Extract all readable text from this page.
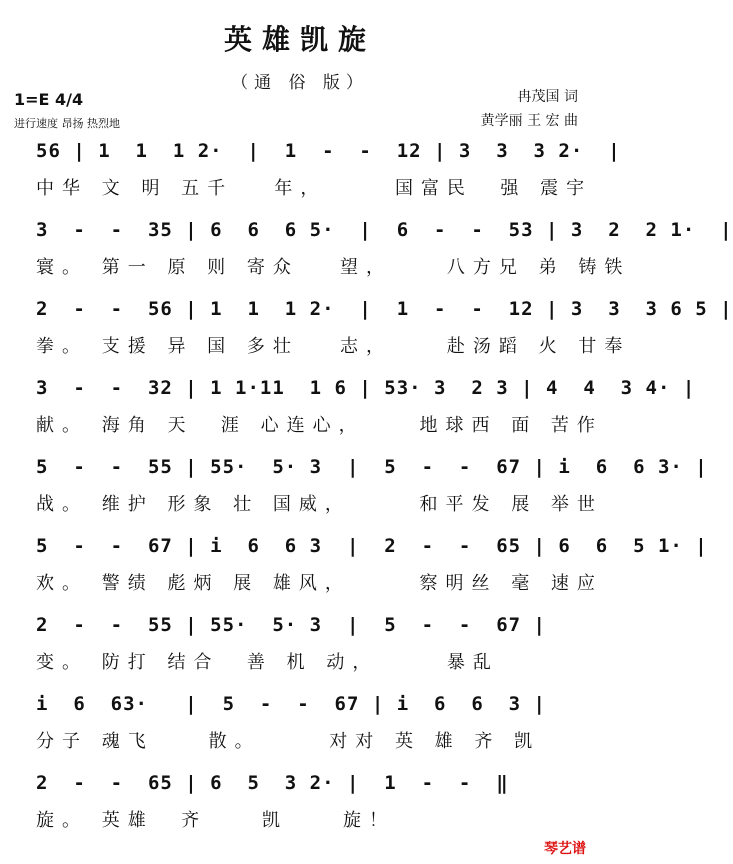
英雄凯旋
（通 俗 版）
1=E 4/4
进行速度 昂扬 热烈地
冉茂国 词
黄学丽 王 宏 曲
56 | 1  1  1 2·  |  1  -  -  12 | 3  3  3 2·  |
中华 文 明 五千   年，     国富民  强 震宇
3  -  -  35 | 6  6  6 5·  |  6  -  -  53 | 3  2  2 1·  |
寰。 第一 原 则 寄众   望，    八方兄 弟 铸铁
2  -  -  56 | 1  1  1 2·  |  1  -  -  12 | 3  3  3 6 5 |
拳。 支援 异 国 多壮   志，    赴汤蹈 火 甘奉
3  -  -  32 | 1 1·11  1 6 | 53· 3  2 3 | 4  4  3 4· |
献。 海角 天  涯 心连心，    地球西 面 苦作
5  -  -  55 | 55·  5· 3  |  5  -  -  67 | i  6  6 3· |
战。 维护 形象 壮 国威，     和平发 展 举世
5  -  -  67 | i  6  6 3  |  2  -  -  65 | 6  6  5 1· |
欢。 警绩 彪炳 展 雄风，     察明丝 毫 速应
2  -  -  55 | 55·  5· 3  |  5  -  -  67 |
变。 防打 结合  善 机 动，     暴乱
i  6  63·   |  5  -  -  67 | i  6  6  3 |
分子 魂飞    散。     对对 英 雄 齐 凯
2  -  -  65 | 6  5  3 2· |  1  -  -  ‖
旋。 英雄  齐    凯    旋！
琴艺谱
